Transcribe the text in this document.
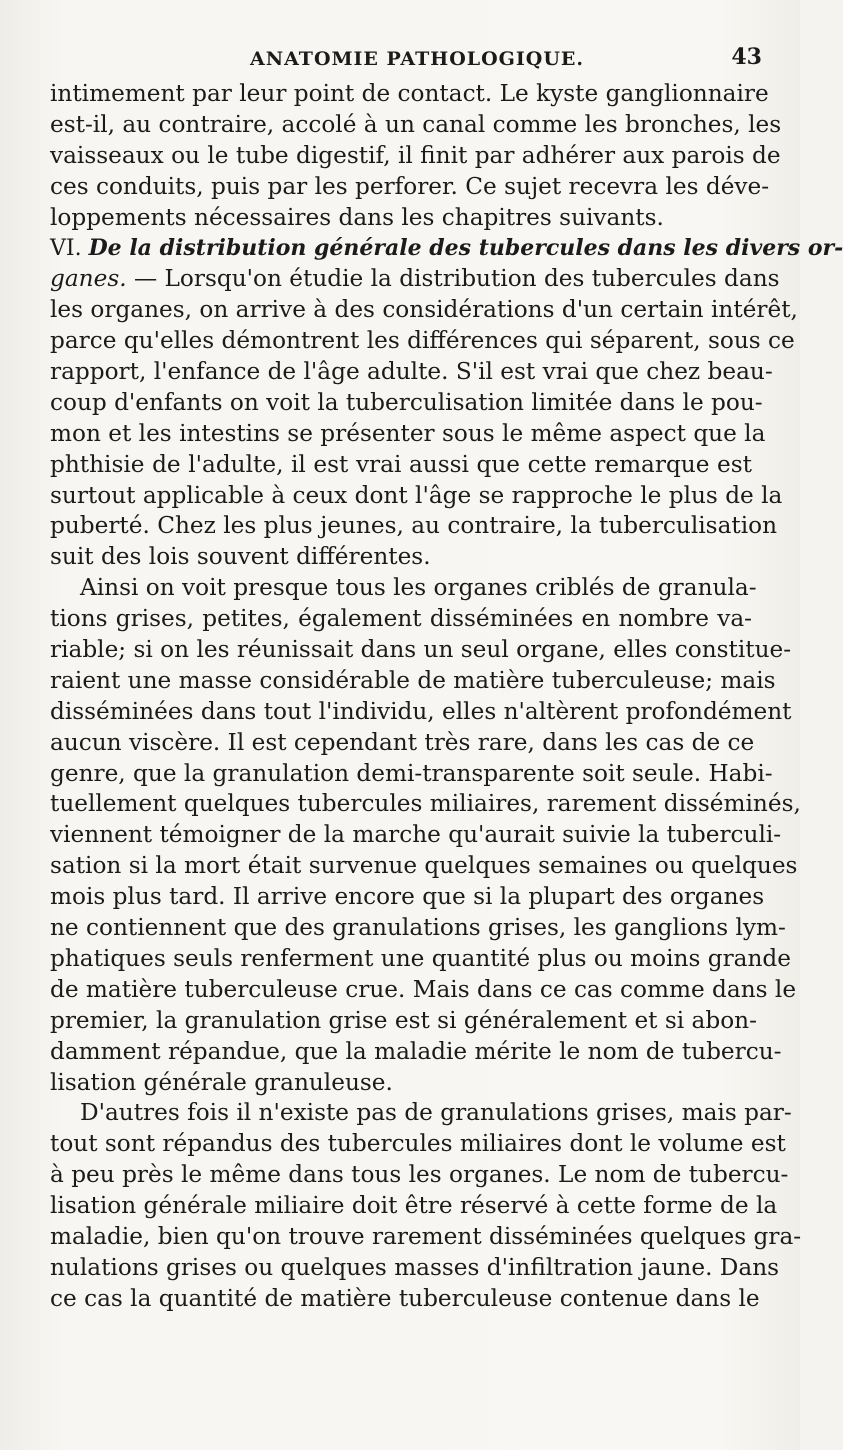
ANATOMIE PATHOLOGIQUE.	43
intimement par leur point de contact. Le kyste ganglionnaire
est-il, au contraire, accolé à un canal comme les bronches, les
vaisseaux ou le tube digestif, il finit par adhérer aux parois de
ces conduits, puis par les perforer. Ce sujet recevra les déve-
loppements nécessaires dans les chapitres suivants.
VI. De la distribution générale des tubercules dans les divers or-
ganes. — Lorsqu'on étudie la distribution des tubercules dans
les organes, on arrive à des considérations d'un certain intérêt,
parce qu'elles démontrent les différences qui séparent, sous ce
rapport, l'enfance de l'âge adulte. S'il est vrai que chez beau-
coup d'enfants on voit la tuberculisation limitée dans le pou-
mon et les intestins se présenter sous le même aspect que la
phthisie de l'adulte, il est vrai aussi que cette remarque est
surtout applicable à ceux dont l'âge se rapproche le plus de la
puberté. Chez les plus jeunes, au contraire, la tuberculisation
suit des lois souvent différentes.
Ainsi on voit presque tous les organes criblés de granula-
tions grises, petites, également disséminées en nombre va-
riable; si on les réunissait dans un seul organe, elles constitue-
raient une masse considérable de matière tuberculeuse; mais
disséminées dans tout l'individu, elles n'altèrent profondément
aucun viscère. Il est cependant très rare, dans les cas de ce
genre, que la granulation demi-transparente soit seule. Habi-
tuellement quelques tubercules miliaires, rarement disséminés,
viennent témoigner de la marche qu'aurait suivie la tuberculi-
sation si la mort était survenue quelques semaines ou quelques
mois plus tard. Il arrive encore que si la plupart des organes
ne contiennent que des granulations grises, les ganglions lym-
phatiques seuls renferment une quantité plus ou moins grande
de matière tuberculeuse crue. Mais dans ce cas comme dans le
premier, la granulation grise est si généralement et si abon-
damment répandue, que la maladie mérite le nom de tubercu-
lisation générale granuleuse.
D'autres fois il n'existe pas de granulations grises, mais par-
tout sont répandus des tubercules miliaires dont le volume est
à peu près le même dans tous les organes. Le nom de tubercu-
lisation générale miliaire doit être réservé à cette forme de la
maladie, bien qu'on trouve rarement disséminées quelques gra-
nulations grises ou quelques masses d'infiltration jaune. Dans
ce cas la quantité de matière tuberculeuse contenue dans le
